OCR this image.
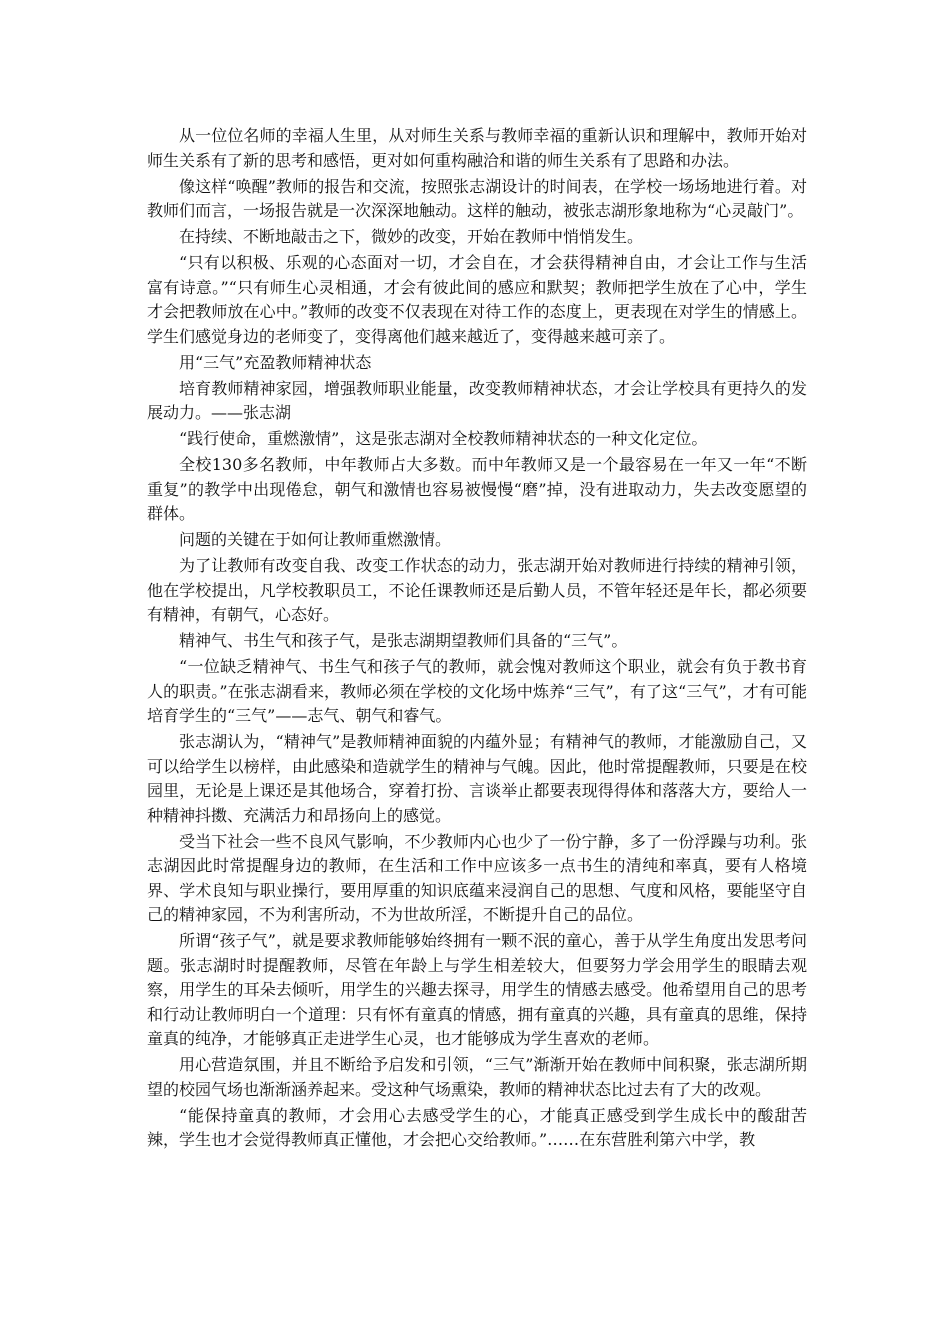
从一位位名师的幸福人生里，从对师生关系与教师幸福的重新认识和理解中，教师开始对师生关系有了新的思考和感悟，更对如何重构融洽和谐的师生关系有了思路和办法。

像这样“唤醒”教师的报告和交流，按照张志湖设计的时间表，在学校一场场地进行着。对教师们而言，一场报告就是一次深深地触动。这样的触动，被张志湖形象地称为“心灵敲门”。

在持续、不断地敲击之下，微妙的改变，开始在教师中悄悄发生。

“只有以积极、乐观的心态面对一切，才会自在，才会获得精神自由，才会让工作与生活富有诗意。”“只有师生心灵相通，才会有彼此间的感应和默契；教师把学生放在了心中，学生才会把教师放在心中。”教师的改变不仅表现在对待工作的态度上，更表现在对学生的情感上。学生们感觉身边的老师变了，变得离他们越来越近了，变得越来越可亲了。

用“三气”充盈教师精神状态

培育教师精神家园，增强教师职业能量，改变教师精神状态，才会让学校具有更持久的发展动力。——张志湖

“践行使命，重燃激情”，这是张志湖对全校教师精神状态的一种文化定位。

全校130多名教师，中年教师占大多数。而中年教师又是一个最容易在一年又一年“不断重复”的教学中出现倦怠，朝气和激情也容易被慢慢“磨”掉，没有进取动力，失去改变愿望的群体。

问题的关键在于如何让教师重燃激情。

为了让教师有改变自我、改变工作状态的动力，张志湖开始对教师进行持续的精神引领，他在学校提出，凡学校教职员工，不论任课教师还是后勤人员，不管年轻还是年长，都必须要有精神，有朝气，心态好。

精神气、书生气和孩子气，是张志湖期望教师们具备的“三气”。

“一位缺乏精神气、书生气和孩子气的教师，就会愧对教师这个职业，就会有负于教书育人的职责。”在张志湖看来，教师必须在学校的文化场中炼养“三气”，有了这“三气”，才有可能培育学生的“三气”——志气、朝气和睿气。

张志湖认为，“精神气”是教师精神面貌的内蕴外显；有精神气的教师，才能激励自己，又可以给学生以榜样，由此感染和造就学生的精神与气魄。因此，他时常提醒教师，只要是在校园里，无论是上课还是其他场合，穿着打扮、言谈举止都要表现得得体和落落大方，要给人一种精神抖擞、充满活力和昂扬向上的感觉。

受当下社会一些不良风气影响，不少教师内心也少了一份宁静，多了一份浮躁与功利。张志湖因此时常提醒身边的教师，在生活和工作中应该多一点书生的清纯和率真，要有人格境界、学术良知与职业操行，要用厚重的知识底蕴来浸润自己的思想、气度和风格，要能坚守自己的精神家园，不为利害所动，不为世故所淫，不断提升自己的品位。

所谓“孩子气”，就是要求教师能够始终拥有一颗不泯的童心，善于从学生角度出发思考问题。张志湖时时提醒教师，尽管在年龄上与学生相差较大，但要努力学会用学生的眼睛去观察，用学生的耳朵去倾听，用学生的兴趣去探寻，用学生的情感去感受。他希望用自己的思考和行动让教师明白一个道理：只有怀有童真的情感，拥有童真的兴趣，具有童真的思维，保持童真的纯净，才能够真正走进学生心灵，也才能够成为学生喜欢的老师。

用心营造氛围，并且不断给予启发和引领，“三气”渐渐开始在教师中间积聚，张志湖所期望的校园气场也渐渐涵养起来。受这种气场熏染，教师的精神状态比过去有了大的改观。

“能保持童真的教师，才会用心去感受学生的心，才能真正感受到学生成长中的酸甜苦辣，学生也才会觉得教师真正懂他，才会把心交给教师。”……在东营胜利第六中学，教
